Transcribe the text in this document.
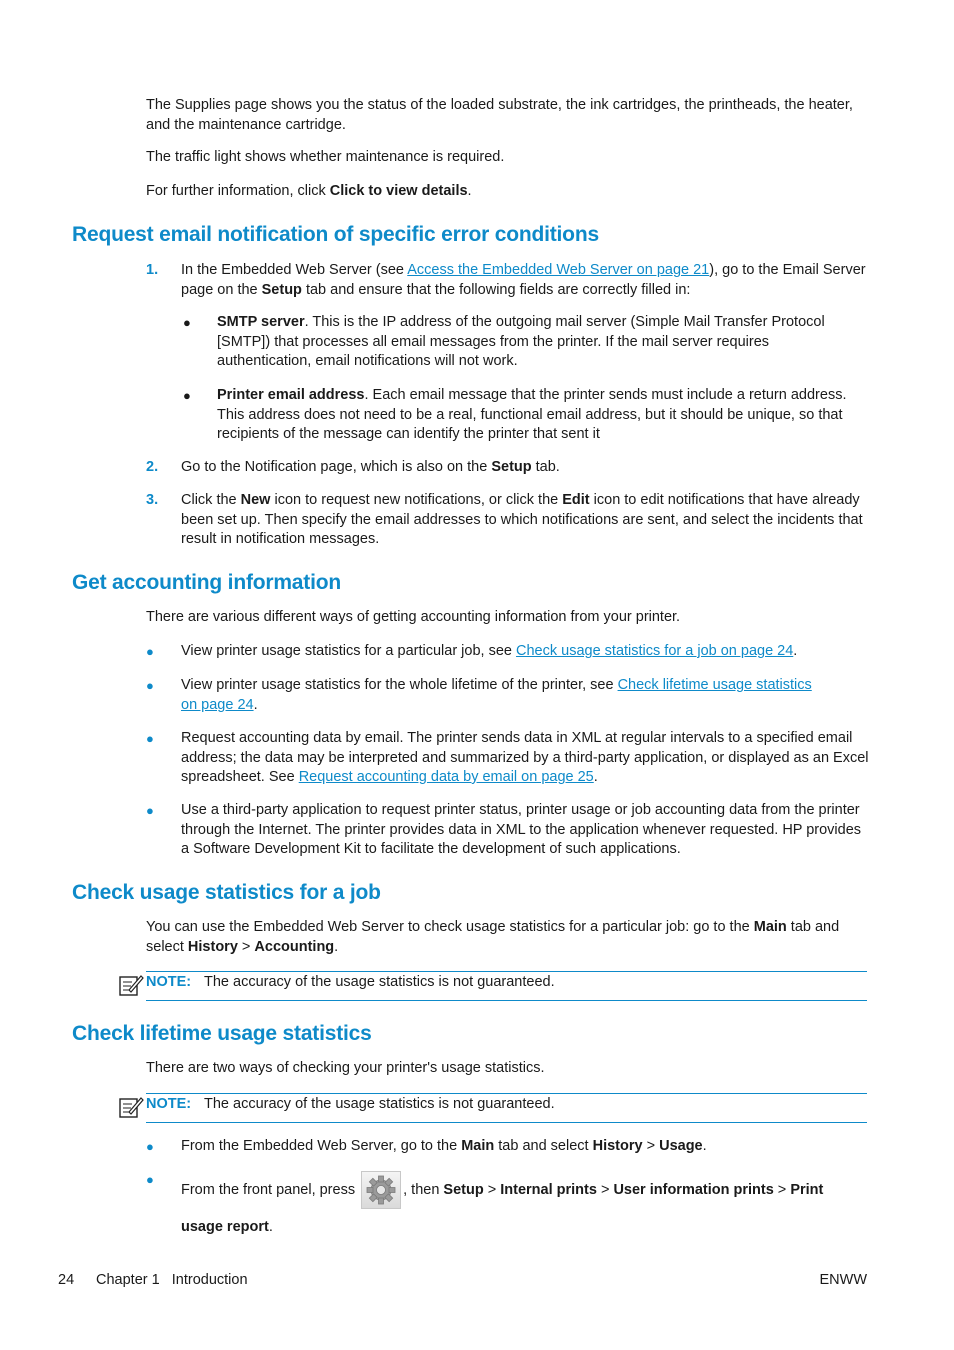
The Supplies page shows you the status of the loaded substrate, the ink cartridges, the printheads, the heater, and the maintenance cartridge.

The traffic light shows whether maintenance is required.

For further information, click Click to view details.

Request email notification of specific error conditions
1. In the Embedded Web Server (see Access the Embedded Web Server on page 21), go to the Email Server page on the Setup tab and ensure that the following fields are correctly filled in:

● SMTP server. This is the IP address of the outgoing mail server (Simple Mail Transfer Protocol [SMTP]) that processes all email messages from the printer. If the mail server requires authentication, email notifications will not work.

● Printer email address. Each email message that the printer sends must include a return address. This address does not need to be a real, functional email address, but it should be unique, so that recipients of the message can identify the printer that sent it

2. Go to the Notification page, which is also on the Setup tab.

3. Click the New icon to request new notifications, or click the Edit icon to edit notifications that have already been set up. Then specify the email addresses to which notifications are sent, and select the incidents that result in notification messages.

Get accounting information

There are various different ways of getting accounting information from your printer.

● View printer usage statistics for a particular job, see Check usage statistics for a job on page 24.

● View printer usage statistics for the whole lifetime of the printer, see Check lifetime usage statistics
on page 24.

● Request accounting data by email. The printer sends data in XML at regular intervals to a specified email address; the data may be interpreted and summarized by a third-party application, or displayed as an Excel spreadsheet. See Request accounting data by email on page 25.

● Use a third-party application to request printer status, printer usage or job accounting data from the printer through the Internet. The printer provides data in XML to the application whenever requested. HP provides a Software Development Kit to facilitate the development of such applications.

Check usage statistics for a job

You can use the Embedded Web Server to check usage statistics for a particular job: go to the Main tab and select History > Accounting.

NOTE: The accuracy of the usage statistics is not guaranteed.
Check lifetime usage statistics

There are two ways of checking your printer's usage statistics.

NOTE: The accuracy of the usage statistics is not guaranteed.
● From the Embedded Web Server, go to the Main tab and select History > Usage.

●
From the front panel, press	, then Setup > Internal prints > User information prints > Print
usage report.
24 Chapter 1   Introduction	ENWW
